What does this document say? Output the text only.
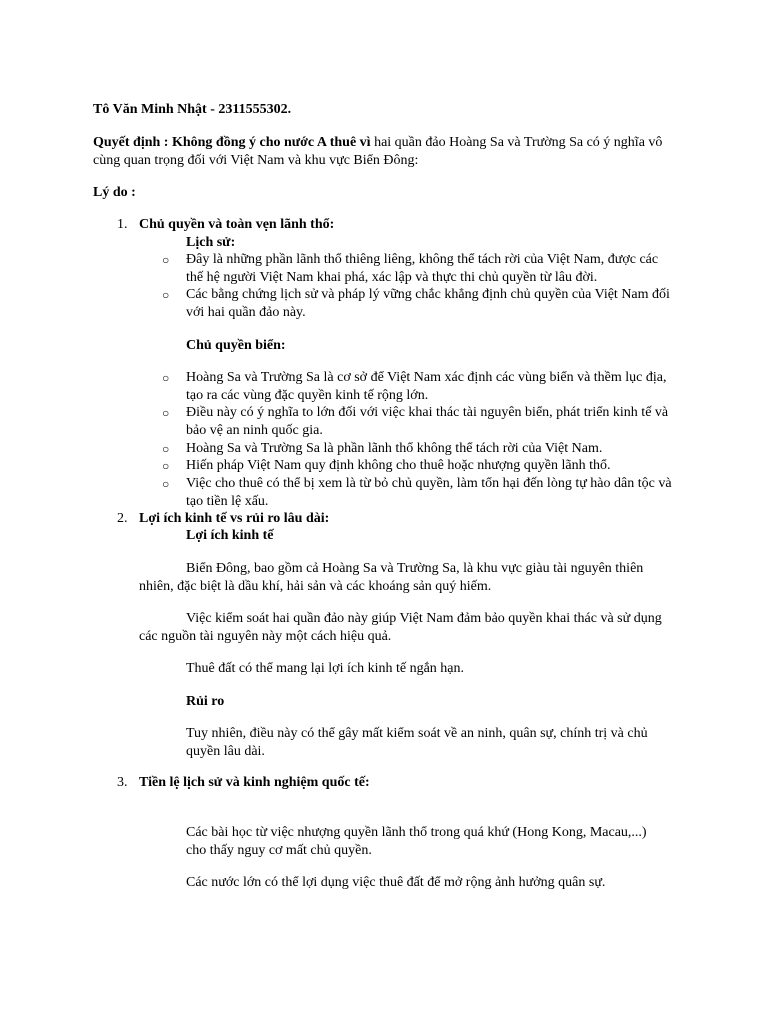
Tô Văn Minh Nhật - 2311555302.
Quyết định : Không đồng ý cho nước A thuê vì hai quần đảo Hoàng Sa và Trường Sa có ý nghĩa vô cùng quan trọng đối với Việt Nam và khu vực Biển Đông:
Lý do :
1. Chủ quyền và toàn vẹn lãnh thổ:
Lịch sử:
○ Đây là những phần lãnh thổ thiêng liêng, không thể tách rời của Việt Nam, được các thế hệ người Việt Nam khai phá, xác lập và thực thi chủ quyền từ lâu đời.
○ Các bằng chứng lịch sử và pháp lý vững chắc khẳng định chủ quyền của Việt Nam đối với hai quần đảo này.
Chủ quyền biển:
○ Hoàng Sa và Trường Sa là cơ sở để Việt Nam xác định các vùng biển và thềm lục địa, tạo ra các vùng đặc quyền kinh tế rộng lớn.
○ Điều này có ý nghĩa to lớn đối với việc khai thác tài nguyên biển, phát triển kinh tế và bảo vệ an ninh quốc gia.
○ Hoàng Sa và Trường Sa là phần lãnh thổ không thể tách rời của Việt Nam.
○ Hiến pháp Việt Nam quy định không cho thuê hoặc nhượng quyền lãnh thổ.
○ Việc cho thuê có thể bị xem là từ bỏ chủ quyền, làm tổn hại đến lòng tự hào dân tộc và tạo tiền lệ xấu.
2. Lợi ích kinh tế vs rủi ro lâu dài:
Lợi ích kinh tế
Biển Đông, bao gồm cả Hoàng Sa và Trường Sa, là khu vực giàu tài nguyên thiên nhiên, đặc biệt là dầu khí, hải sản và các khoáng sản quý hiếm.
Việc kiểm soát hai quần đảo này giúp Việt Nam đảm bảo quyền khai thác và sử dụng các nguồn tài nguyên này một cách hiệu quả.
Thuê đất có thể mang lại lợi ích kinh tế ngắn hạn.
Rủi ro
Tuy nhiên, điều này có thể gây mất kiểm soát về an ninh, quân sự, chính trị và chủ quyền lâu dài.
3. Tiền lệ lịch sử và kinh nghiệm quốc tế:
Các bài học từ việc nhượng quyền lãnh thổ trong quá khứ (Hong Kong, Macau,...) cho thấy nguy cơ mất chủ quyền.
Các nước lớn có thể lợi dụng việc thuê đất để mở rộng ảnh hưởng quân sự.
